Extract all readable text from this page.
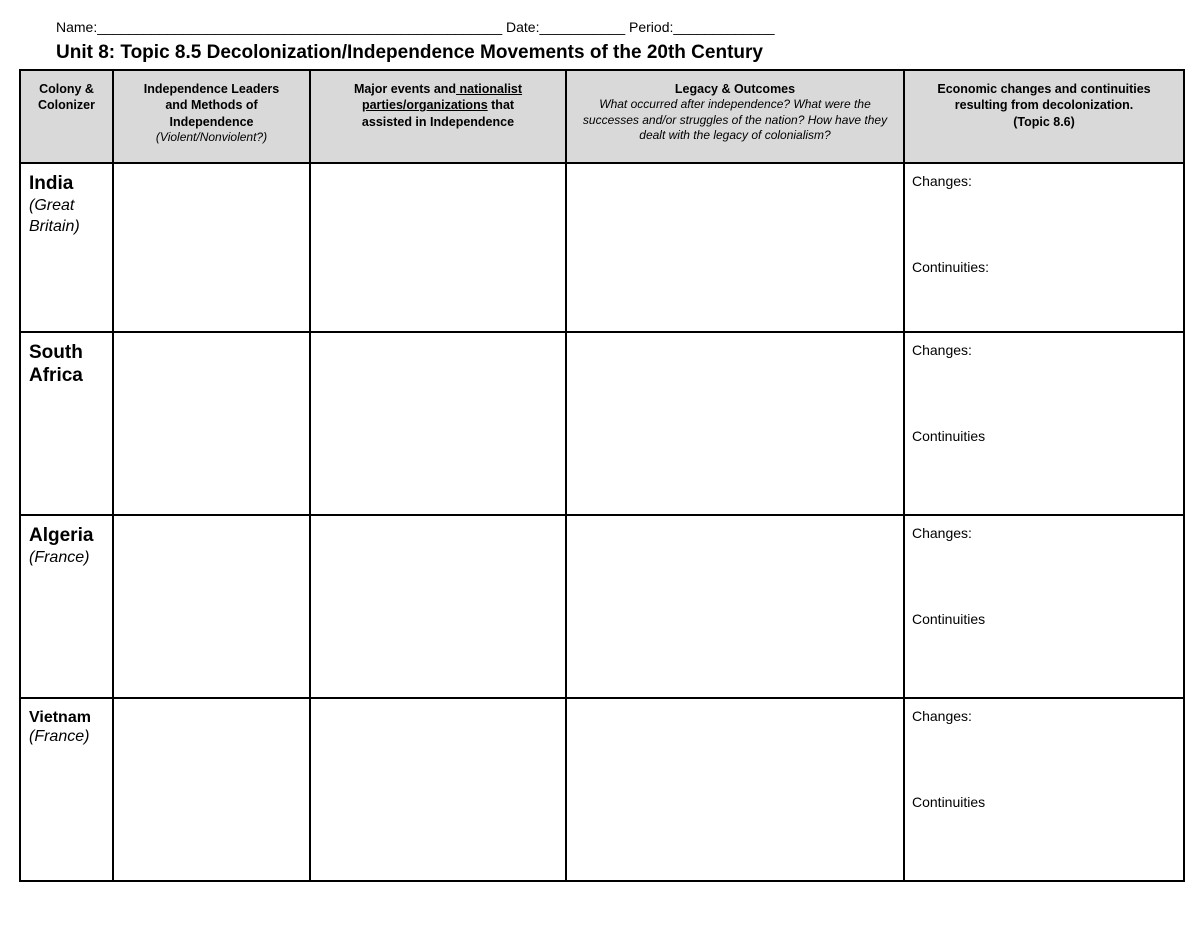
Name:____________________________________________________ Date:___________ Period:_____________
Unit 8: Topic 8.5 Decolonization/Independence Movements of the 20th Century
Colony &
Colonizer	Independence Leaders
and Methods of
Independence
(Violent/Nonviolent?)	Major events and nationalist
parties/organizations that
assisted in Independence	Legacy & Outcomes
What occurred after independence? What were the successes and/or struggles of the nation? How have they dealt with the legacy of colonialism?	Economic changes and continuities
resulting from decolonization.
(Topic 8.6)

India
(Great
Britain)				Changes:
Continuities:

South
Africa				Changes:
Continuities

Algeria
(France)				Changes:
Continuities

Vietnam
(France)				Changes:
Continuities
